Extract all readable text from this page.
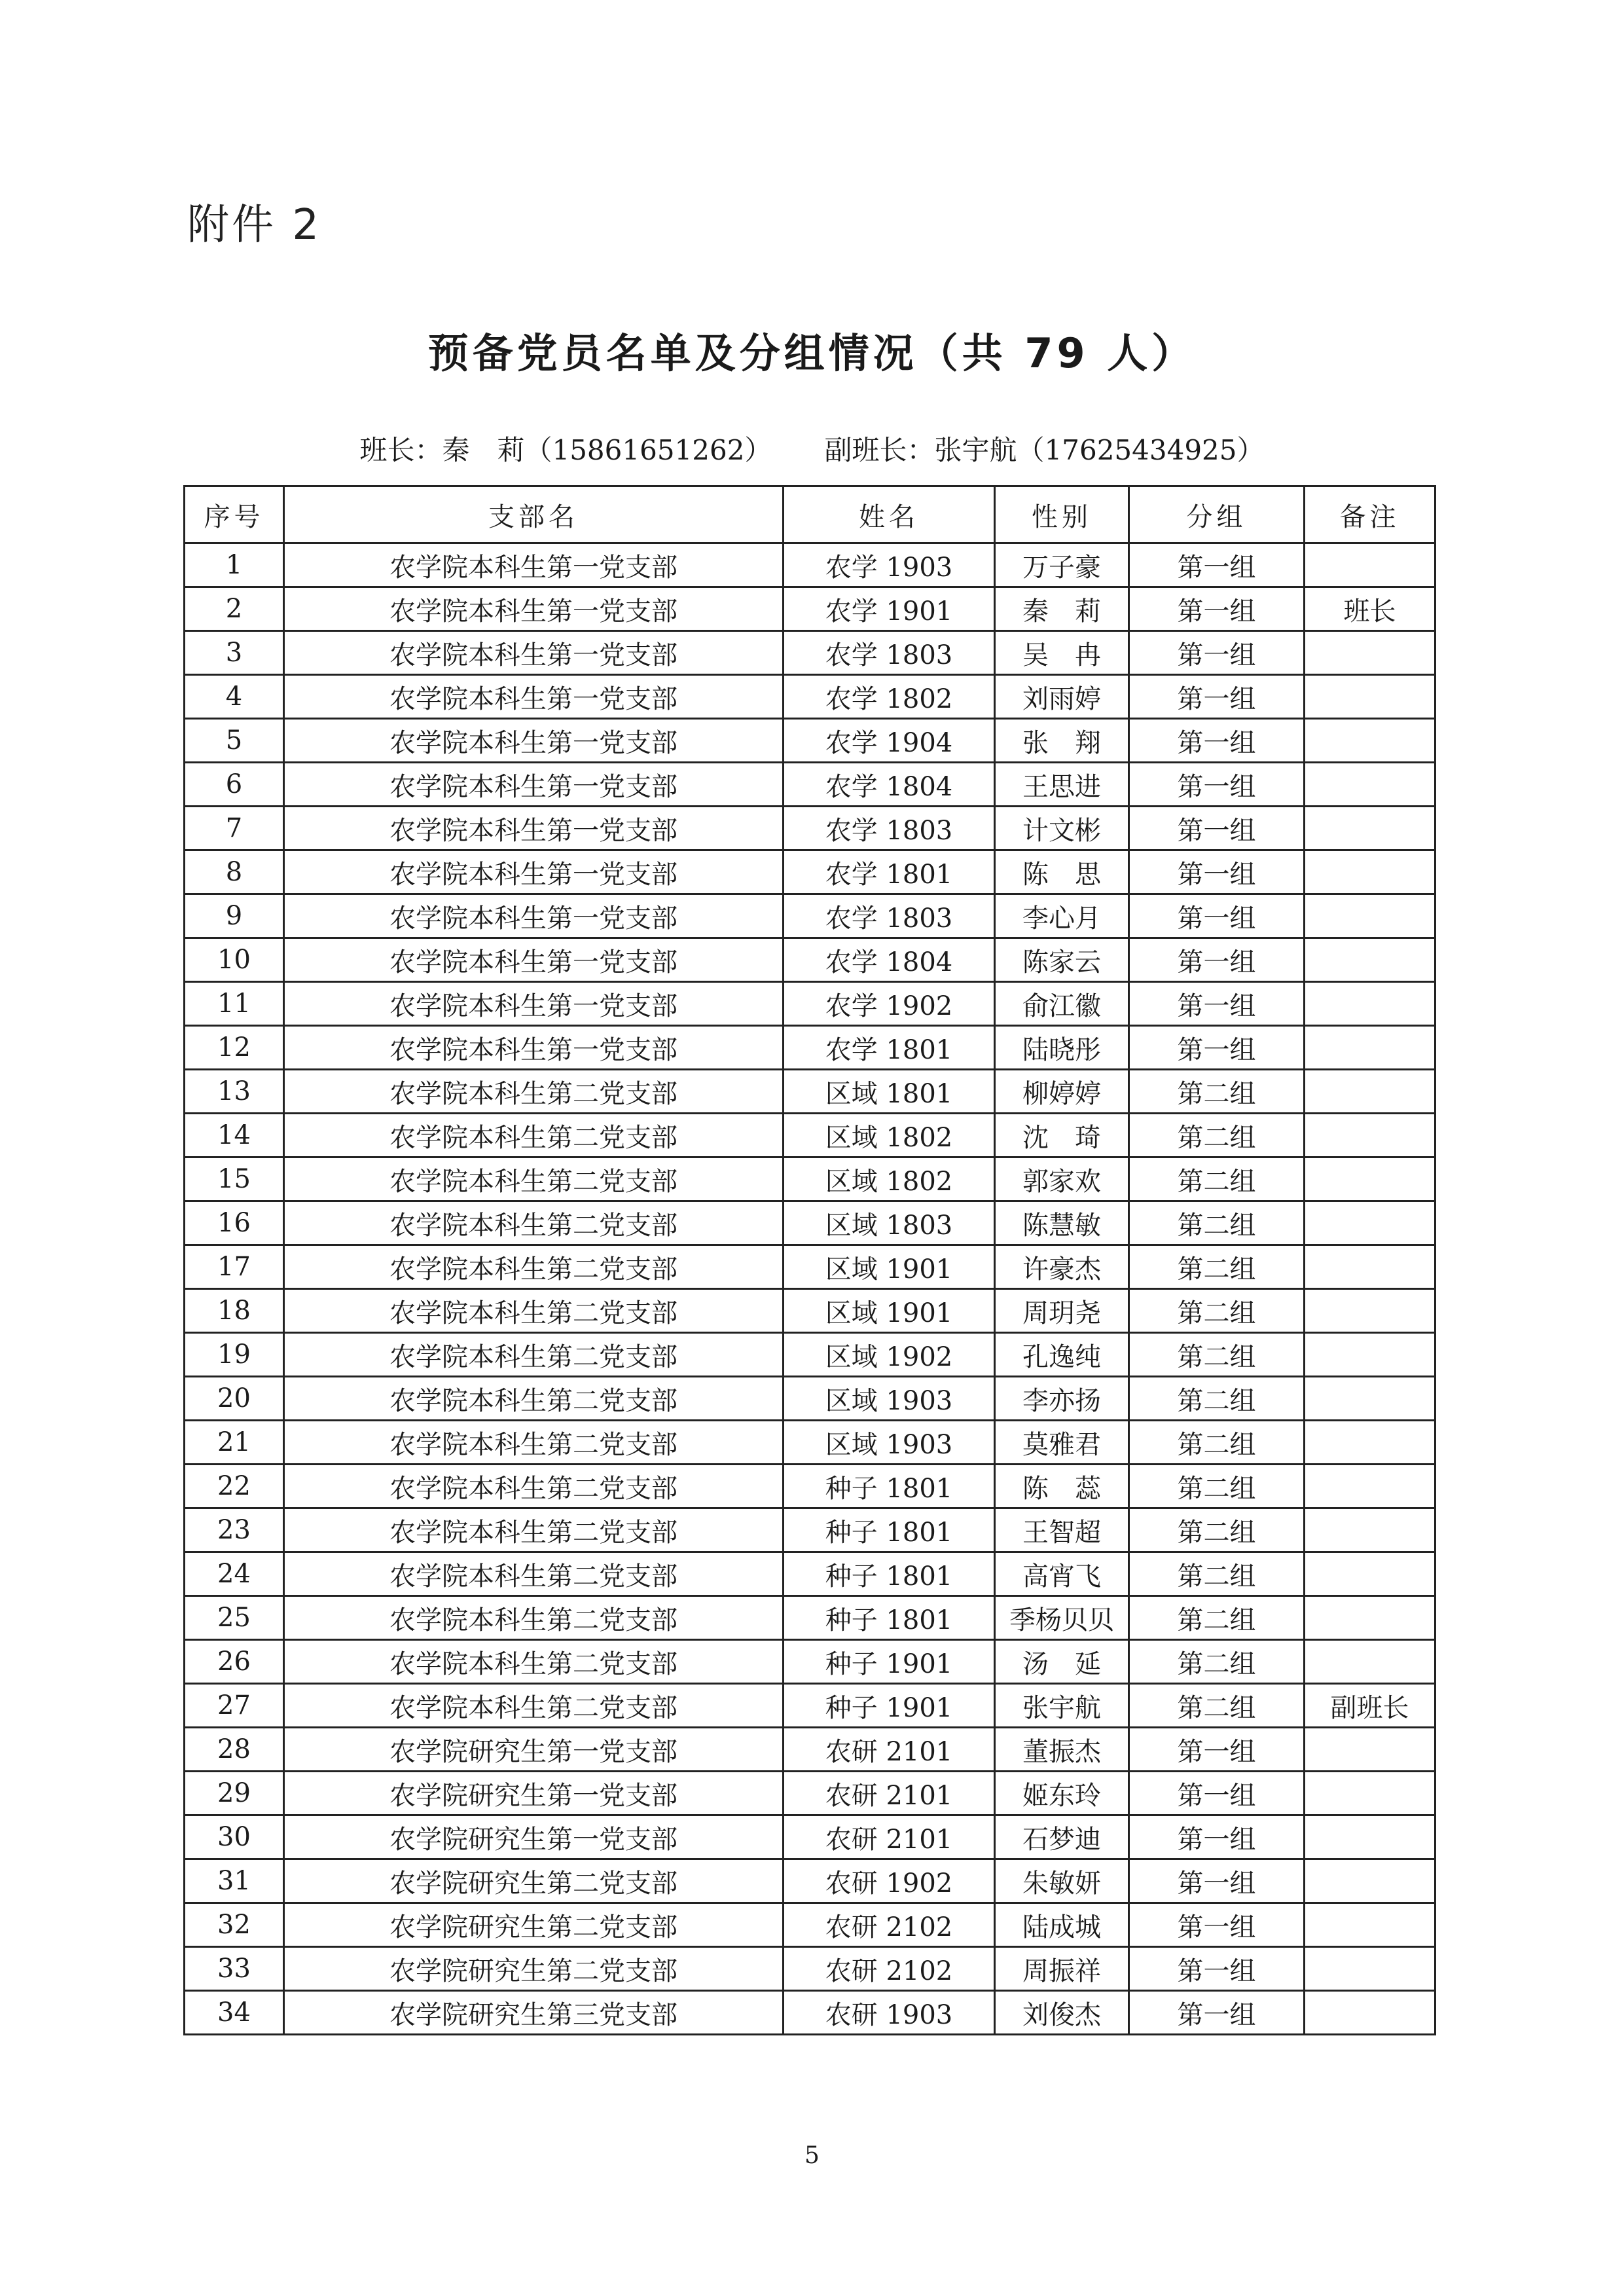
附件 2
预备党员名单及分组情况（共 79 人）
班长：秦　莉（15861651262） 副班长：张宇航（17625434925）
序号	支部名	姓名	性别	分组	备注
1	农学院本科生第一党支部	农学 1903	万子豪	第一组	
2	农学院本科生第一党支部	农学 1901	秦　莉	第一组	班长
3	农学院本科生第一党支部	农学 1803	吴　冉	第一组	
4	农学院本科生第一党支部	农学 1802	刘雨婷	第一组	
5	农学院本科生第一党支部	农学 1904	张　翔	第一组	
6	农学院本科生第一党支部	农学 1804	王思进	第一组	
7	农学院本科生第一党支部	农学 1803	计文彬	第一组	
8	农学院本科生第一党支部	农学 1801	陈　思	第一组	
9	农学院本科生第一党支部	农学 1803	李心月	第一组	
10	农学院本科生第一党支部	农学 1804	陈家云	第一组	
11	农学院本科生第一党支部	农学 1902	俞江徽	第一组	
12	农学院本科生第一党支部	农学 1801	陆晓彤	第一组	
13	农学院本科生第二党支部	区域 1801	柳婷婷	第二组	
14	农学院本科生第二党支部	区域 1802	沈　琦	第二组	
15	农学院本科生第二党支部	区域 1802	郭家欢	第二组	
16	农学院本科生第二党支部	区域 1803	陈慧敏	第二组	
17	农学院本科生第二党支部	区域 1901	许豪杰	第二组	
18	农学院本科生第二党支部	区域 1901	周玥尧	第二组	
19	农学院本科生第二党支部	区域 1902	孔逸纯	第二组	
20	农学院本科生第二党支部	区域 1903	李亦扬	第二组	
21	农学院本科生第二党支部	区域 1903	莫雅君	第二组	
22	农学院本科生第二党支部	种子 1801	陈　蕊	第二组	
23	农学院本科生第二党支部	种子 1801	王智超	第二组	
24	农学院本科生第二党支部	种子 1801	高宵飞	第二组	
25	农学院本科生第二党支部	种子 1801	季杨贝贝	第二组	
26	农学院本科生第二党支部	种子 1901	汤　延	第二组	
27	农学院本科生第二党支部	种子 1901	张宇航	第二组	副班长
28	农学院研究生第一党支部	农研 2101	董振杰	第一组	
29	农学院研究生第一党支部	农研 2101	姬东玲	第一组	
30	农学院研究生第一党支部	农研 2101	石梦迪	第一组	
31	农学院研究生第二党支部	农研 1902	朱敏妍	第一组	
32	农学院研究生第二党支部	农研 2102	陆成城	第一组	
33	农学院研究生第二党支部	农研 2102	周振祥	第一组	
34	农学院研究生第三党支部	农研 1903	刘俊杰	第一组	
5
